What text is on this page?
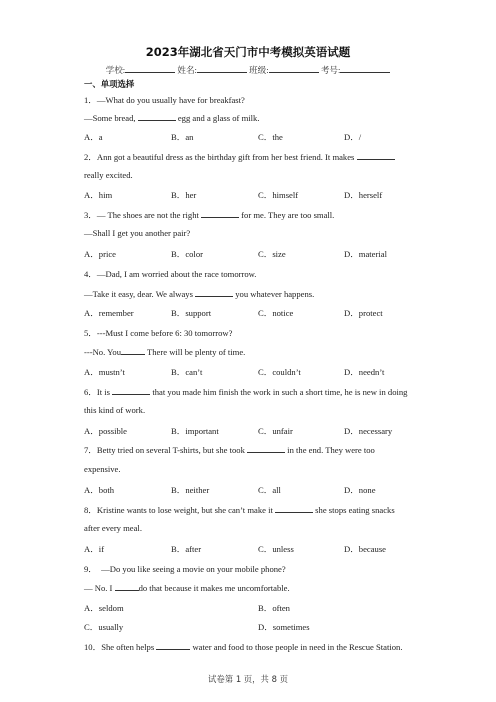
2023年湖北省天门市中考模拟英语试题
学校:	姓名:	班级:	考号:
一、单项选择
1．—What do you usually have for breakfast?
—Some bread,	egg and a glass of milk.
A．a	B．an	C．the	D．/
2．Ann got a beautiful dress as the birthday gift from her best friend. It makes
really excited.
A．him	B．her	C．himself	D．herself
3．— The shoes are not the right	for me. They are too small.
—Shall I get you another pair?
A．price	B．color	C．size	D．material
4．—Dad, I am worried about the race tomorrow.
—Take it easy, dear. We always	you whatever happens.
A．remember	B．support	C．notice	D．protect
5．---Must I come before 6: 30 tomorrow?
---No. You	There will be plenty of time.
A．mustn’t	B．can’t	C．couldn’t	D．needn’t
6．It is	that you made him finish the work in such a short time, he is new in doing
this kind of work.
A．possible	B．important	C．unfair	D．necessary
7．Betty tried on several T-shirts, but she took	in the end. They were too
expensive.
A．both	B．neither	C．all	D．none
8．Kristine wants to lose weight, but she can’t make it	she stops eating snacks
after every meal.
A．if	B．after	C．unless	D．because
9．　—Do you like seeing a movie on your mobile phone?
— No. I	do that because it makes me uncomfortable.
A．seldom	B．often
C．usually	D．sometimes
10．She often helps	water and food to those people in need in the Rescue Station.
试卷第 1 页，共 8 页
